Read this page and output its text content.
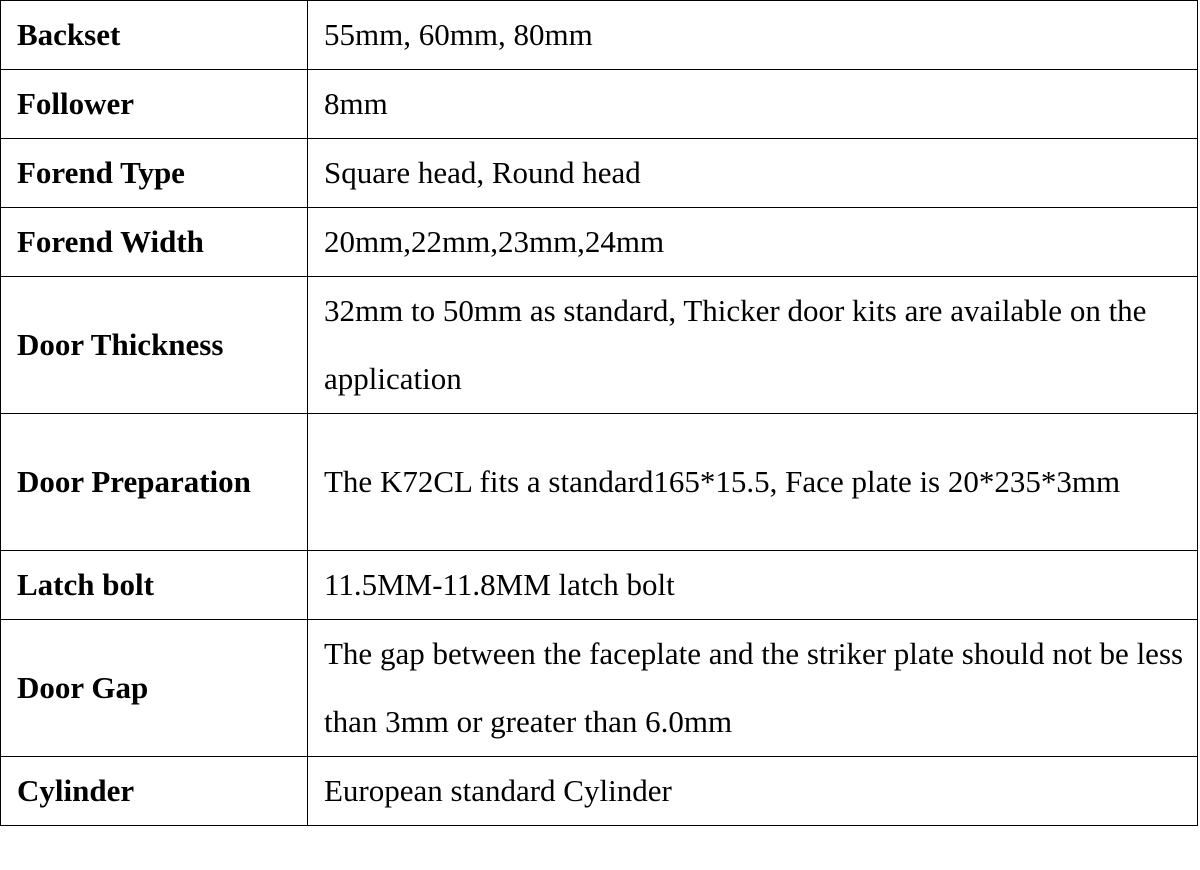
Backset	55mm, 60mm, 80mm
Follower	8mm
Forend Type	Square head, Round head
Forend Width	20mm,22mm,23mm,24mm
Door Thickness	32mm to 50mm as standard, Thicker door kits are available on the application
Door Preparation	The K72CL fits a standard165*15.5, Face plate is 20*235*3mm
Latch bolt	11.5MM-11.8MM latch bolt
Door Gap	The gap between the faceplate and the striker plate should not be less than 3mm or greater than 6.0mm
Cylinder	European standard Cylinder
